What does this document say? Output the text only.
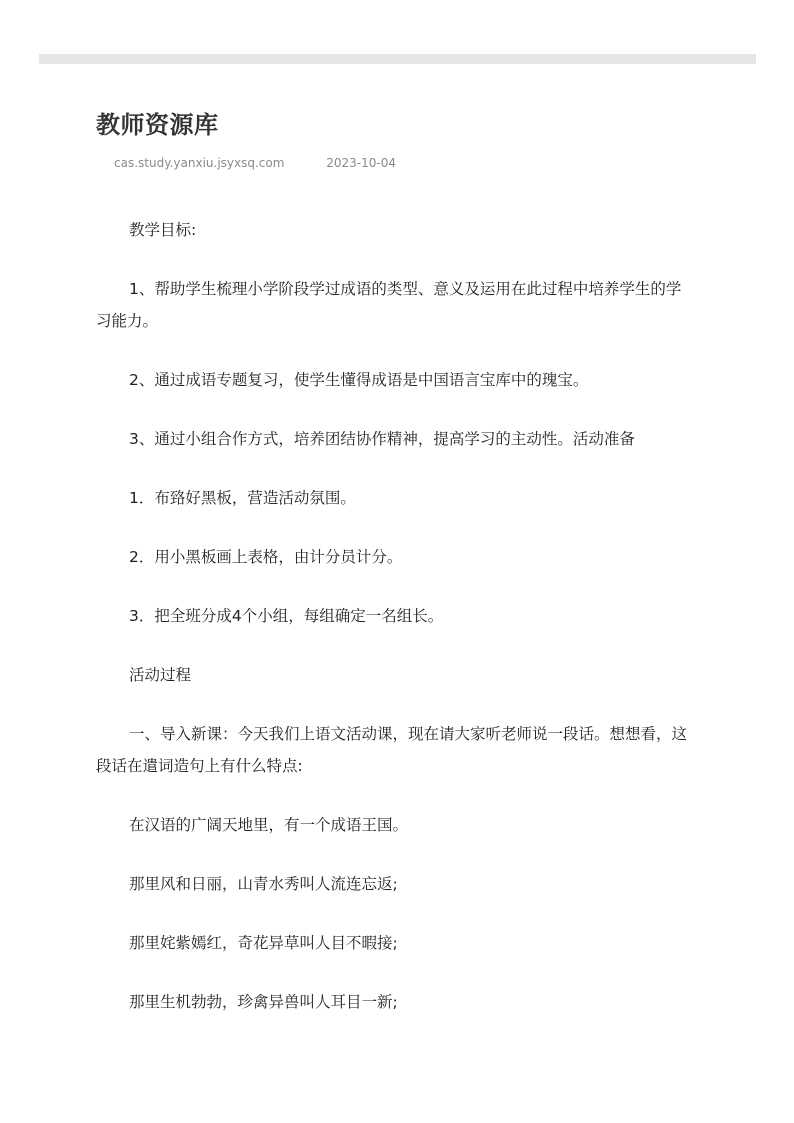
教师资源库
cas.study.yanxiu.jsyxsq.com	2023-10-04

教学目标:

1、帮助学生梳理小学阶段学过成语的类型、意义及运用在此过程中培养学生的学习能力。

2、通过成语专题复习，使学生懂得成语是中国语言宝库中的瑰宝。

3、通过小组合作方式，培养团结协作精神，提高学习的主动性。活动准备

1．布臵好黑板，营造活动氛围。

2．用小黑板画上表格，由计分员计分。

3．把全班分成4个小组，每组确定一名组长。

活动过程

一、导入新课：今天我们上语文活动课，现在请大家听老师说一段话。想想看，这段话在遣词造句上有什么特点:

在汉语的广阔天地里，有一个成语王国。

那里风和日丽，山青水秀叫人流连忘返;

那里姹紫嫣红，奇花异草叫人目不暇接;

那里生机勃勃，珍禽异兽叫人耳目一新;
